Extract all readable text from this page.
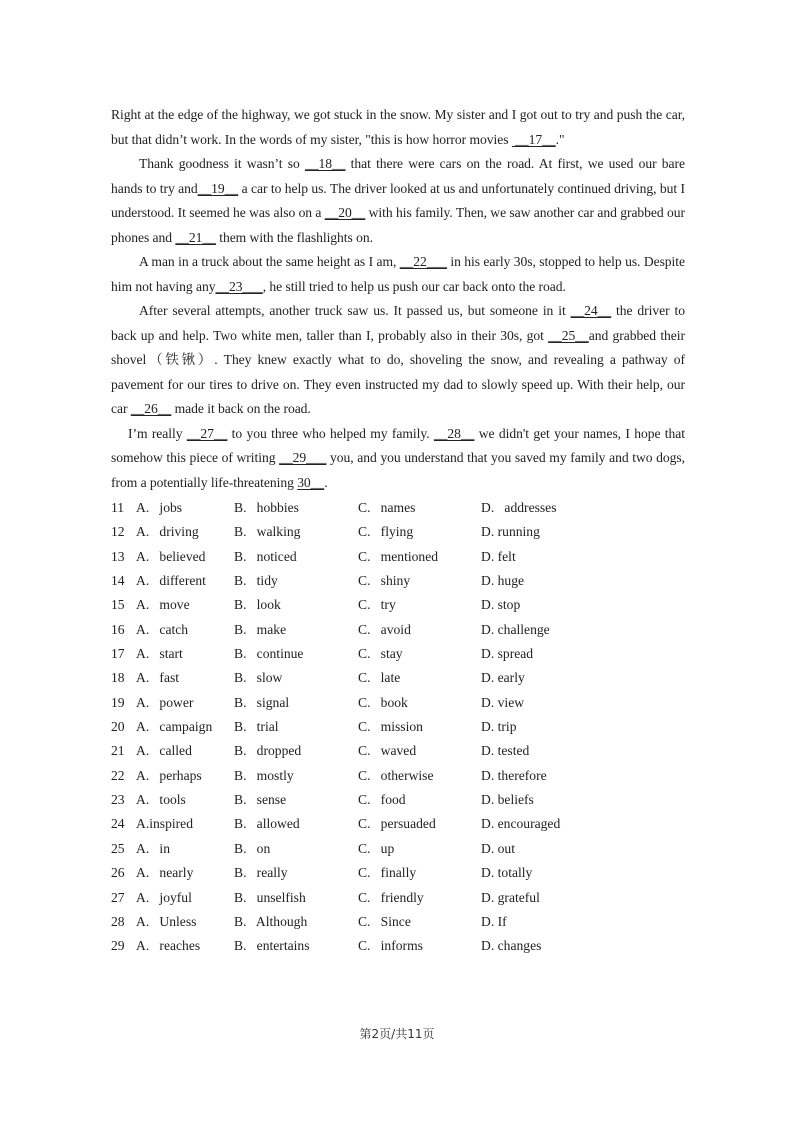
Right at the edge of the highway, we got stuck in the snow. My sister and I got out to try and push the car, but that didn’t work. In the words of my sister, "this is how horror movies  __17__."

Thank goodness it wasn’t so __18__ that there were cars on the road. At first, we used our bare hands to try and__19__ a car to help us. The driver looked at us and unfortunately continued driving, but I understood. It seemed he was also on a __20__ with his family. Then, we saw another car and grabbed our phones and __21__ them with the flashlights on.

A man in a truck about the same height as I am, __22___ in his early 30s, stopped to help us. Despite him not having any__23___, he still tried to help us push our car back onto the road.

After several attempts, another truck saw us. It passed us, but someone in it __24__ the driver to back up and help. Two white men, taller than I, probably also in their 30s, got __25__and grabbed their shovel（铁锹）. They knew exactly what to do, shoveling the snow, and revealing a pathway of pavement for our tires to drive on. They even instructed my dad to slowly speed up. With their help, our car __26__ made it back on the road.

I’m really __27__ to you three who helped my family. __28__ we didn't get your names, I hope that somehow this piece of writing __29___ you, and you understand that you saved my family and two dogs, from a potentially life-threatening 30__.

11 A.   jobs	B.   hobbies	C.   names	D.   addresses
12 A.   driving	B.   walking	C.   flying	D. running
13 A.   believed B.   noticed	C.   mentioned	D. felt
14 A.   different B.   tidy	C.   shiny	D. huge
15 A.   move	B.   look	C.   try	D. stop
16 A.   catch	B.   make	C.   avoid	D. challenge
17 A.   start	B.   continue	C.   stay	D. spread
18 A.   fast	B.   slow	C.   late	D. early
19 A.   power	B.   signal	C.   book	D. view
20 A.   campaign B.   trial	C.   mission	D. trip
21 A.   called	B.   dropped	C.   waved	D. tested
22 A.   perhaps B.   mostly	C.   otherwise	D. therefore
23 A.   tools	B.   sense	C.   food	D. beliefs
24 A.inspired	B.   allowed	C.   persuaded	D. encouraged
25 A.   in	B.   on	C.   up	D. out
26 A.   nearly	B.   really	C.   finally	D. totally
27 A.   joyful	B.   unselfish	C.   friendly	D. grateful
28 A.   Unless	B.   Although	C.   Since	D. If
29 A.   reaches B.   entertains	C.   informs	D. changes
第2页/共11页
